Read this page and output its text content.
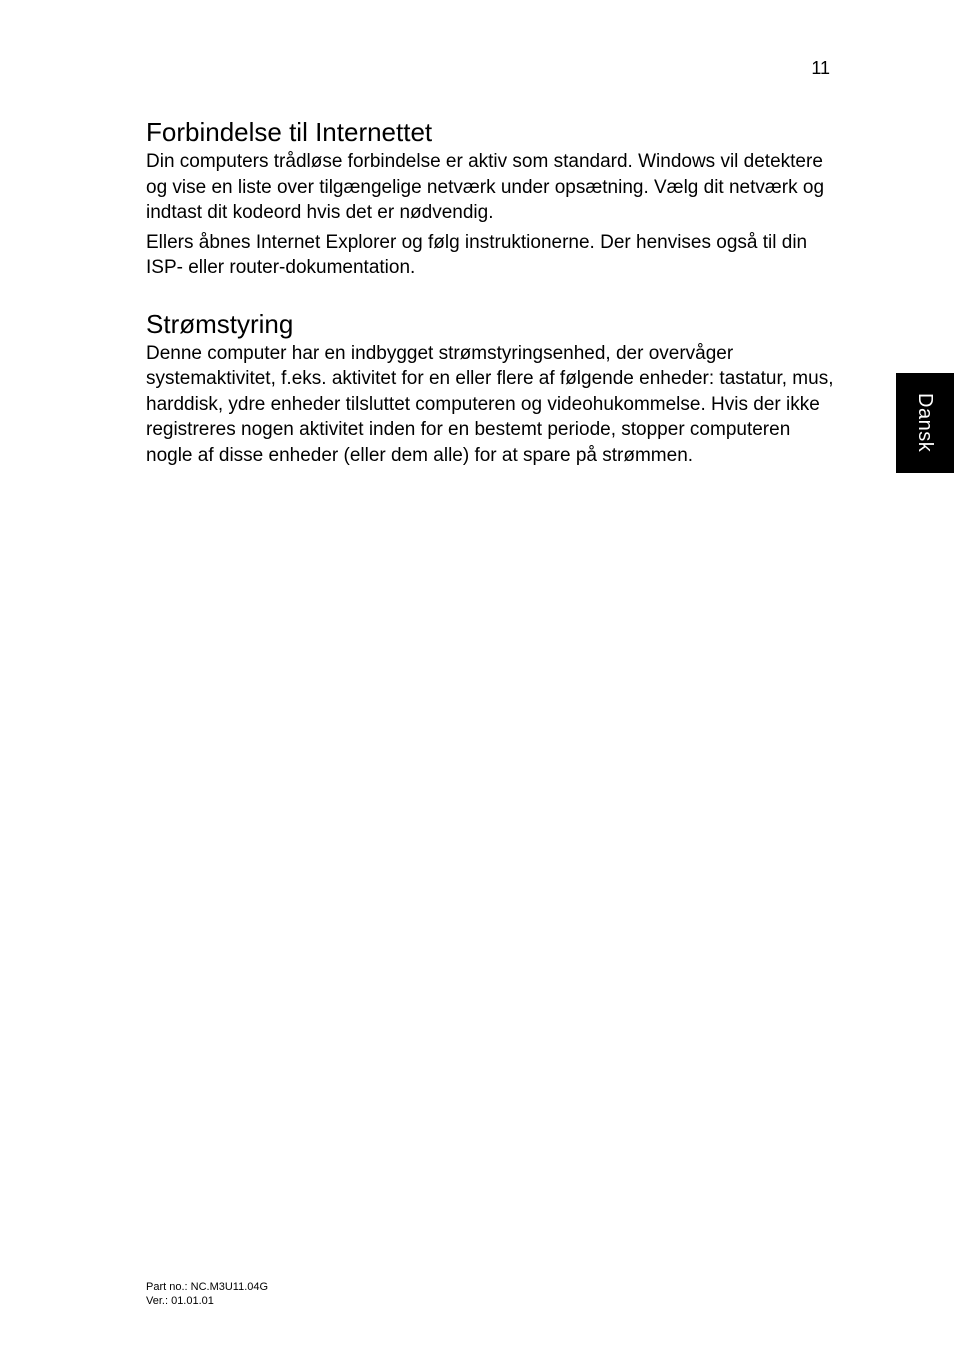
11
Forbindelse til Internettet

Din computers trådløse forbindelse er aktiv som standard. Windows vil detektere og vise en liste over tilgængelige netværk under opsætning. Vælg dit netværk og indtast dit kodeord hvis det er nødvendig.

Ellers åbnes Internet Explorer og følg instruktionerne. Der henvises også til din ISP- eller router-dokumentation.

Strømstyring

Denne computer har en indbygget strømstyringsenhed, der overvåger systemaktivitet, f.eks. aktivitet for en eller flere af følgende enheder: tastatur, mus, harddisk, ydre enheder tilsluttet computeren og videohukommelse. Hvis der ikke registreres nogen aktivitet inden for en bestemt periode, stopper computeren nogle af disse enheder (eller dem alle) for at spare på strømmen.

Dansk
Part no.: NC.M3U11.04G
Ver.: 01.01.01
